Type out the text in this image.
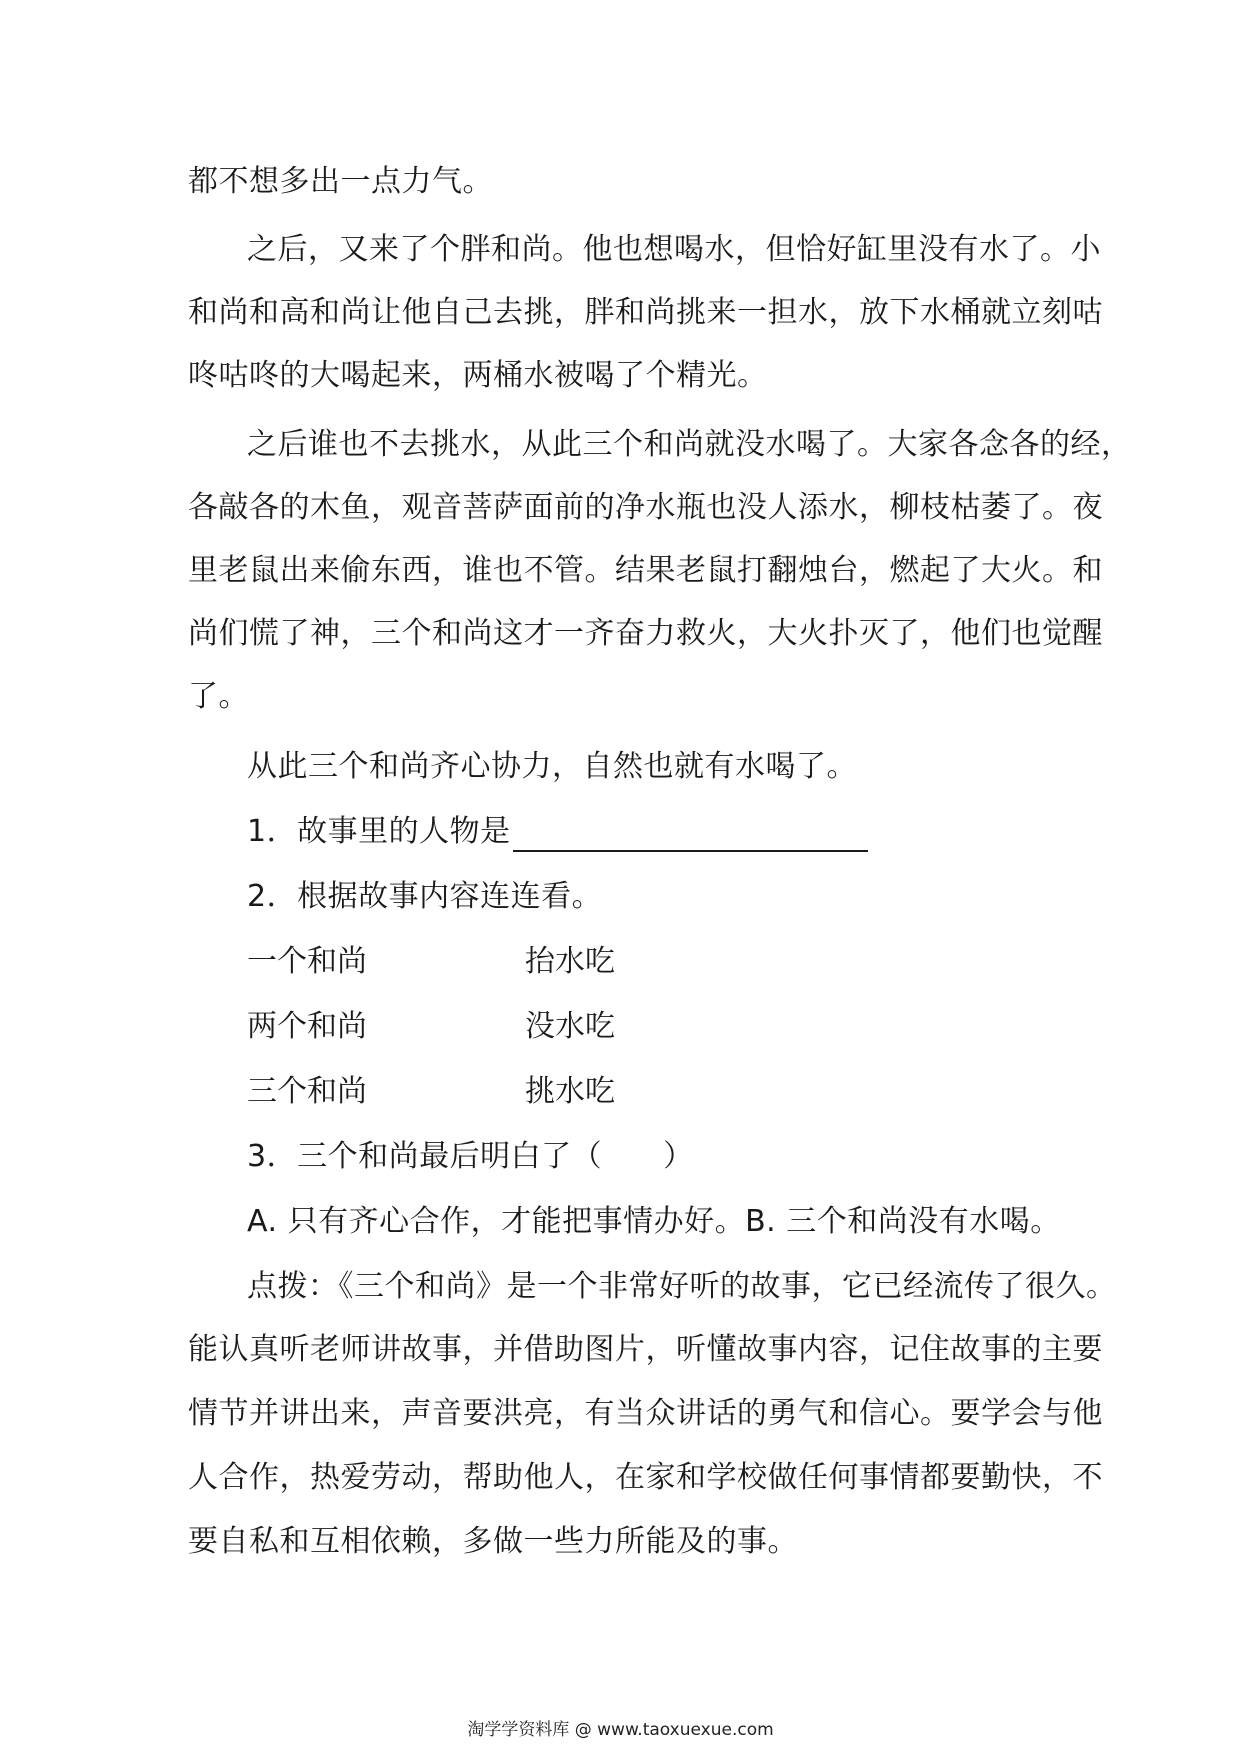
都不想多出一点力气。
之后，又来了个胖和尚。他也想喝水，但恰好缸里没有水了。小
和尚和高和尚让他自己去挑，胖和尚挑来一担水，放下水桶就立刻咕
咚咕咚的大喝起来，两桶水被喝了个精光。
之后谁也不去挑水，从此三个和尚就没水喝了。大家各念各的经，
各敲各的木鱼，观音菩萨面前的净水瓶也没人添水，柳枝枯萎了。夜
里老鼠出来偷东西，谁也不管。结果老鼠打翻烛台，燃起了大火。和
尚们慌了神，三个和尚这才一齐奋力救火，大火扑灭了，他们也觉醒
了。
从此三个和尚齐心协力，自然也就有水喝了。
1．故事里的人物是
2．根据故事内容连连看。
一个和尚	抬水吃
两个和尚	没水吃
三个和尚	挑水吃
3．三个和尚最后明白了（　　）
A. 只有齐心合作，才能把事情办好。B. 三个和尚没有水喝。
点拨：《三个和尚》是一个非常好听的故事，它已经流传了很久。
能认真听老师讲故事，并借助图片，听懂故事内容，记住故事的主要
情节并讲出来，声音要洪亮，有当众讲话的勇气和信心。要学会与他
人合作，热爱劳动，帮助他人，在家和学校做任何事情都要勤快，不
要自私和互相依赖，多做一些力所能及的事。
淘学学资料库 @ www.taoxuexue.com
